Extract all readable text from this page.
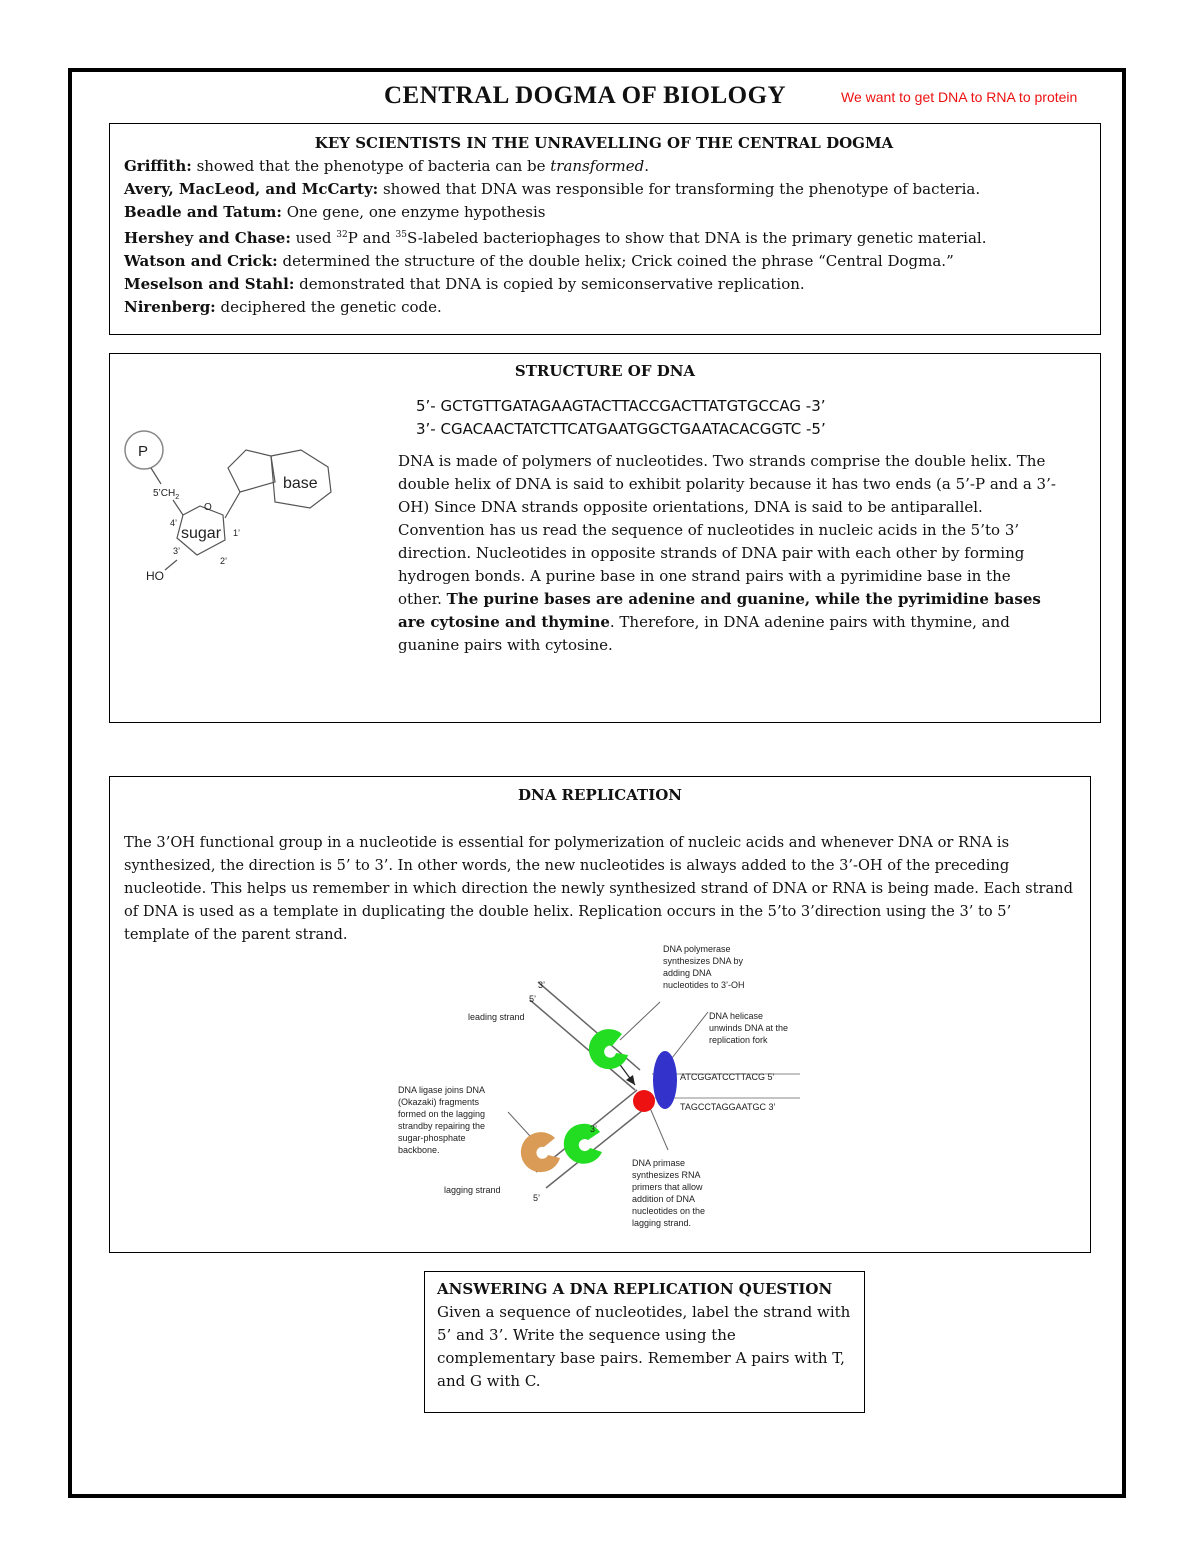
CENTRAL DOGMA OF BIOLOGY	We want to get DNA to RNA to protein
KEY SCIENTISTS IN THE UNRAVELLING OF THE CENTRAL DOGMA
Griffith: showed that the phenotype of bacteria can be transformed.
Avery, MacLeod, and McCarty: showed that DNA was responsible for transforming the phenotype of bacteria.
Beadle and Tatum: One gene, one enzyme hypothesis
Hershey and Chase: used $^{32}$P and $^{35}$S-labeled bacteriophages to show that DNA is the primary genetic material.
Watson and Crick: determined the structure of the double helix; Crick coined the phrase “Central Dogma.”
Meselson and Stahl: demonstrated that DNA is copied by semiconservative replication.
Nirenberg: deciphered the genetic code.
STRUCTURE OF DNA
5’- GCTGTTGATAGAAGTACTTACCGACTTATGTGCCAG -3’
3’- CGACAACTATCTTCATGAATGGCTGAATACACGGTC -5’
P
$5’CH_2$
O
4’
1’
3’
2’
sugar
HO
base
DNA is made of polymers of nucleotides. Two strands comprise the double helix. The double helix of DNA is said to exhibit polarity because it has two ends (a 5’-P and a 3’-OH) Since DNA strands opposite orientations, DNA is said to be antiparallel. Convention has us read the sequence of nucleotides in nucleic acids in the 5’to 3’ direction. Nucleotides in opposite strands of DNA pair with each other by forming hydrogen bonds. A purine base in one strand pairs with a pyrimidine base in the other. The purine bases are adenine and guanine, while the pyrimidine bases are cytosine and thymine. Therefore, in DNA adenine pairs with thymine, and guanine pairs with cytosine.
DNA REPLICATION
The 3’OH functional group in a nucleotide is essential for polymerization of nucleic acids and whenever DNA or RNA is synthesized, the direction is 5’ to 3’. In other words, the new nucleotides is always added to the 3’-OH of the preceding nucleotide. This helps us remember in which direction the newly synthesized strand of DNA or RNA is being made. Each strand of DNA is used as a template in duplicating the double helix. Replication occurs in the 5’to 3’direction using the 3’ to 5’ template of the parent strand.
DNA polymerase synthesizes DNA by adding DNA nucleotides to 3’-OH
DNA helicase unwinds DNA at the replication fork
DNA ligase joins DNA (Okazaki) fragments formed on the lagging strandby repairing the sugar-phosphate backbone.
DNA primase synthesizes RNA primers that allow addition of DNA nucleotides on the lagging strand.
leading strand
lagging strand
ATCGGATCCTTACG 5’
TAGCCTAGGAATGC 3’
3’
5’
5’
3’
ANSWERING A DNA REPLICATION QUESTION
Given a sequence of nucleotides, label the strand with 5’ and 3’. Write the sequence using the complementary base pairs. Remember A pairs with T, and G with C.
